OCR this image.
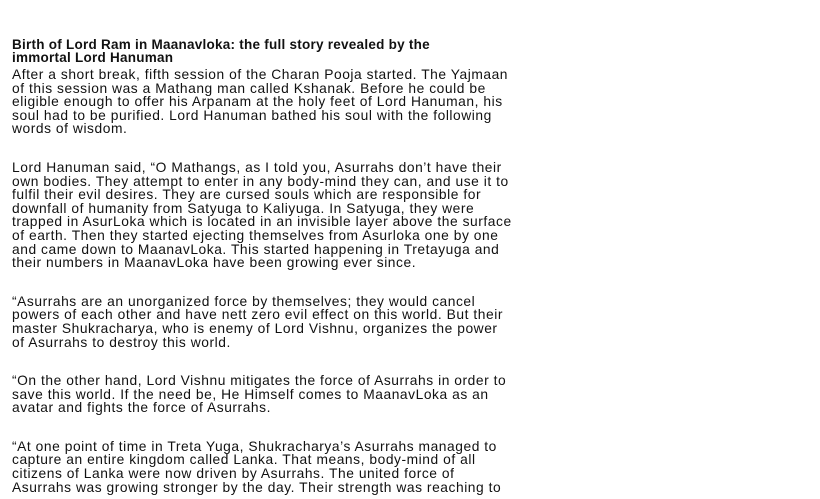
Birth of Lord Ram in Maanavloka: the full story revealed by the
immortal Lord Hanuman

After a short break, fifth session of the Charan Pooja started. The Yajmaan
of this session was a Mathang man called Kshanak. Before he could be
eligible enough to offer his Arpanam at the holy feet of Lord Hanuman, his
soul had to be purified. Lord Hanuman bathed his soul with the following
words of wisdom.

Lord Hanuman said, “O Mathangs, as I told you, Asurrahs don’t have their
own bodies. They attempt to enter in any body-mind they can, and use it to
fulfil their evil desires. They are cursed souls which are responsible for
downfall of humanity from Satyuga to Kaliyuga. In Satyuga, they were
trapped in AsurLoka which is located in an invisible layer above the surface
of earth. Then they started ejecting themselves from Asurloka one by one
and came down to MaanavLoka. This started happening in Tretayuga and
their numbers in MaanavLoka have been growing ever since.

“Asurrahs are an unorganized force by themselves; they would cancel
powers of each other and have nett zero evil effect on this world. But their
master Shukracharya, who is enemy of Lord Vishnu, organizes the power
of Asurrahs to destroy this world.

“On the other hand, Lord Vishnu mitigates the force of Asurrahs in order to
save this world. If the need be, He Himself comes to MaanavLoka as an
avatar and fights the force of Asurrahs.

“At one point of time in Treta Yuga, Shukracharya’s Asurrahs managed to
capture an entire kingdom called Lanka. That means, body-mind of all
citizens of Lanka were now driven by Asurrahs. The united force of
Asurrahs was growing stronger by the day. Their strength was reaching to
